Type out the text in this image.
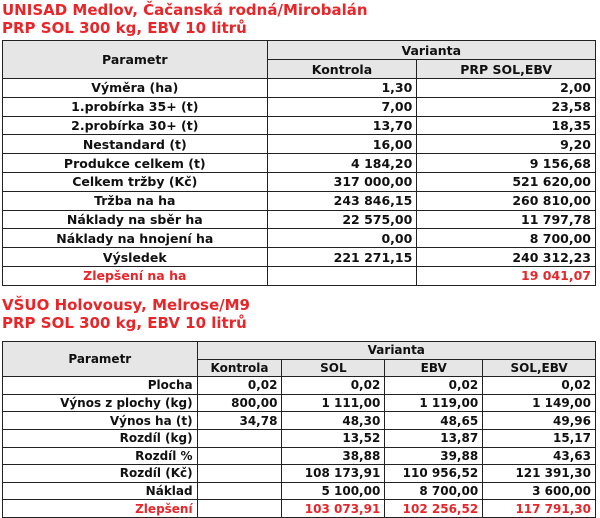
UNISAD Medlov, Čačanská rodná/Mirobalán

PRP SOL 300 kg, EBV 10 litrů

Parametr	Varianta	
	Kontrola	PRP SOL,EBV
Výměra (ha)	1,30	2,00
1.probírka 35+ (t)	7,00	23,58
2.probírka 30+ (t)	13,70	18,35
Nestandard (t)	16,00	9,20
Produkce celkem (t)	4 184,20	9 156,68
Celkem tržby (Kč)	317 000,00	521 620,00
Tržba na ha	243 846,15	260 810,00
Náklady na sběr ha	22 575,00	11 797,78
Náklady na hnojení ha	0,00	8 700,00
Výsledek	221 271,15	240 312,23
Zlepšení na ha		19 041,07

VŠUO Holovousy, Melrose/M9

PRP SOL 300 kg, EBV 10 litrů

Parametr	Varianta			
	Kontrola	SOL	EBV	SOL,EBV
Plocha	0,02	0,02	0,02	0,02
Výnos z plochy (kg)	800,00	1 111,00	1 119,00	1 149,00
Výnos ha (t)	34,78	48,30	48,65	49,96
Rozdíl (kg)		13,52	13,87	15,17
Rozdíl %		38,88	39,88	43,63
Rozdíl (Kč)		108 173,91	110 956,52	121 391,30
Náklad		5 100,00	8 700,00	3 600,00
Zlepšení		103 073,91	102 256,52	117 791,30
